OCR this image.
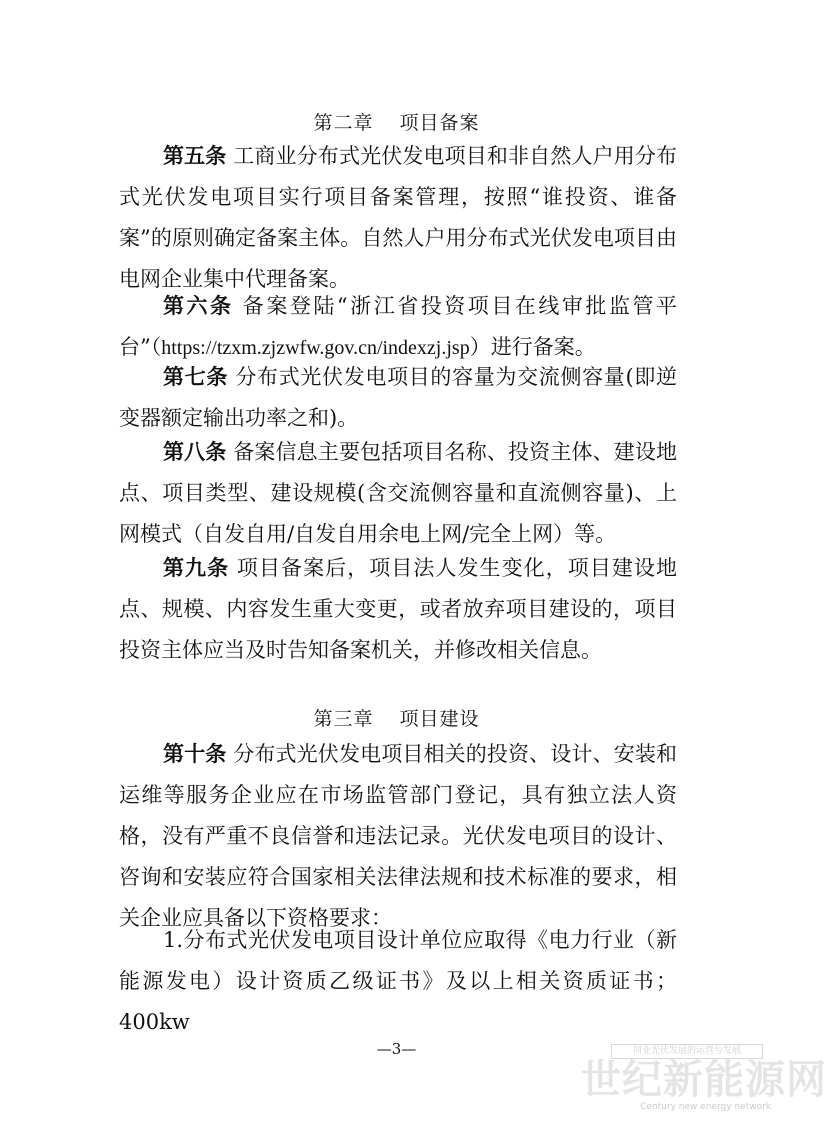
第二章 项目备案

第五条 工商业分布式光伏发电项目和非自然人户用分布式光伏发电项目实行项目备案管理，按照“谁投资、谁备案”的原则确定备案主体。自然人户用分布式光伏发电项目由电网企业集中代理备案。

第六条 备案登陆“浙江省投资项目在线审批监管平台”（https://tzxm.zjzwfw.gov.cn/indexzj.jsp）进行备案。

第七条 分布式光伏发电项目的容量为交流侧容量(即逆变器额定输出功率之和)。

第八条 备案信息主要包括项目名称、投资主体、建设地点、项目类型、建设规模(含交流侧容量和直流侧容量)、上网模式（自发自用/自发自用余电上网/完全上网）等。

第九条 项目备案后，项目法人发生变化，项目建设地点、规模、内容发生重大变更，或者放弃项目建设的，项目投资主体应当及时告知备案机关，并修改相关信息。

第三章 项目建设

第十条 分布式光伏发电项目相关的投资、设计、安装和运维等服务企业应在市场监管部门登记，具有独立法人资格，没有严重不良信誉和违法记录。光伏发电项目的设计、咨询和安装应符合国家相关法律法规和技术标准的要求，相关企业应具备以下资格要求：

1.分布式光伏发电项目设计单位应取得《电力行业（新能源发电）设计资质乙级证书》及以上相关资质证书；400kw

—3—	同业光伏发展的运营与发展
世纪新能源网
Century new energy network
